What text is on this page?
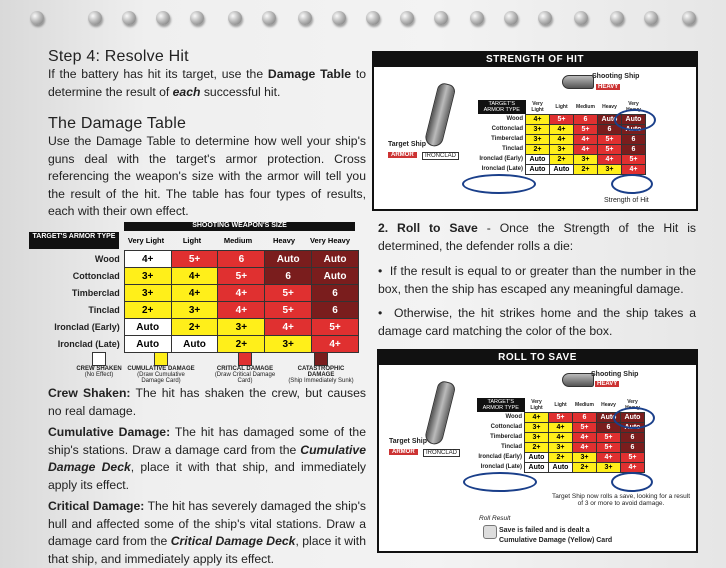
Step 4: Resolve Hit

If the battery has hit its target, use the Damage Table to determine the result of each successful hit.

The Damage Table

Use the Damage Table to determine how well your ship's guns deal with the target's armor protection. Cross referencing the weapon's size with the armor will tell you the result of the hit. The table has four types of results, each with their own effect.

SHOOTING WEAPON'S SIZE
TARGET'S ARMOR TYPE	Very Light	Light	Medium	Heavy	Very Heavy
Wood	4+	5+	6	Auto	Auto
Cottonclad	3+	4+	5+	6	Auto
Timberclad	3+	4+	4+	5+	6
Tinclad	2+	3+	4+	5+	6
Ironclad (Early)	Auto	2+	3+	4+	5+
Ironclad (Late)	Auto	Auto	2+	3+	4+
CREW SHAKEN
(No Effect)
CUMULATIVE DAMAGE
(Draw Cumulative Damage Card)
CRITICAL DAMAGE
(Draw Critical Damage Card)
CATASTROPHIC DAMAGE
(Ship Immediately Sunk)

Crew Shaken: The hit has shaken the crew, but causes no real damage.

Cumulative Damage: The hit has damaged some of the ship's stations. Draw a damage card from the Cumulative Damage Deck, place it with that ship, and immediately apply its effect.

Critical Damage: The hit has severely damaged the ship's hull and affected some of the ship's vital stations. Draw a damage card from the Critical Damage Deck, place it with that ship, and immediately apply its effect.

STRENGTH OF HIT
Shooting Ship
HEAVY
Target Ship
ARMOR	IRONCLAD
TARGET'S ARMOR TYPE	Very Light	Light	Medium	Heavy	Very Heavy
Wood	4+	5+	6	Auto	Auto
Cottonclad	3+	4+	5+	6	Auto
Timberclad	3+	4+	4+	5+	6
Tinclad	2+	3+	4+	5+	6
Ironclad (Early)	Auto	2+	3+	4+	5+
Ironclad (Late)	Auto	Auto	2+	3+	4+
Strength of Hit

2. Roll to Save - Once the Strength of the Hit is determined, the defender rolls a die:

•  If the result is equal to or greater than the number in the box, then the ship has escaped any meaningful damage.

•  Otherwise, the hit strikes home and the ship takes a damage card matching the color of the box.

ROLL TO SAVE
Shooting Ship
HEAVY
Target Ship
ARMOR	IRONCLAD
TARGET'S ARMOR TYPE	Very Light	Light	Medium	Heavy	Very Heavy
Wood	4+	5+	6	Auto	Auto
Cottonclad	3+	4+	5+	6	Auto
Timberclad	3+	4+	4+	5+	6
Tinclad	2+	3+	4+	5+	6
Ironclad (Early)	Auto	2+	3+	4+	5+
Ironclad (Late)	Auto	Auto	2+	3+	4+
Target Ship now rolls a save, looking for a result of 3 or more to avoid damage.
Roll Result
Save is failed and is dealt a
Cumulative Damage (Yellow) Card
